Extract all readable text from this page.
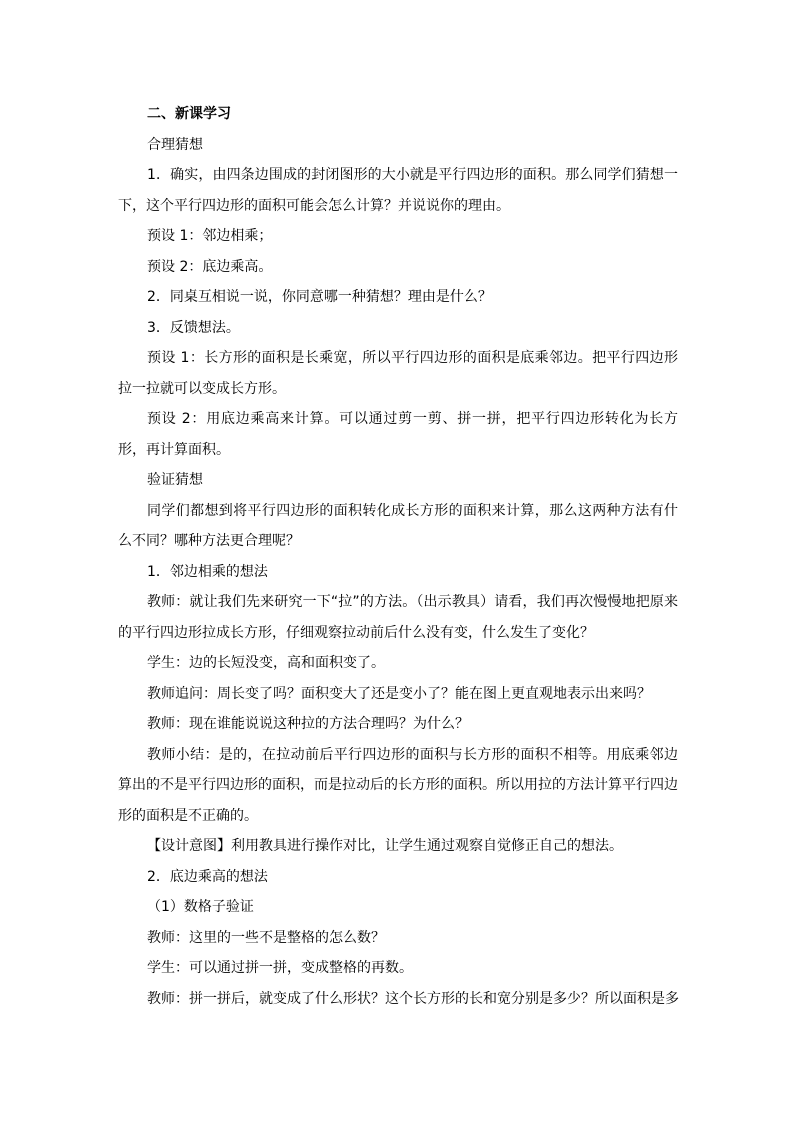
二、新课学习
合理猜想
1．确实，由四条边围成的封闭图形的大小就是平行四边形的面积。那么同学们猜想一下，这个平行四边形的面积可能会怎么计算？并说说你的理由。
预设 1：邻边相乘；
预设 2：底边乘高。
2．同桌互相说一说，你同意哪一种猜想？理由是什么？
3．反馈想法。
预设 1：长方形的面积是长乘宽，所以平行四边形的面积是底乘邻边。把平行四边形拉一拉就可以变成长方形。
预设 2：用底边乘高来计算。可以通过剪一剪、拼一拼，把平行四边形转化为长方形，再计算面积。
验证猜想
同学们都想到将平行四边形的面积转化成长方形的面积来计算，那么这两种方法有什么不同？哪种方法更合理呢？
1．邻边相乘的想法
教师：就让我们先来研究一下“拉”的方法。（出示教具）请看，我们再次慢慢地把原来的平行四边形拉成长方形，仔细观察拉动前后什么没有变，什么发生了变化？
学生：边的长短没变，高和面积变了。
教师追问：周长变了吗？面积变大了还是变小了？能在图上更直观地表示出来吗？
教师：现在谁能说说这种拉的方法合理吗？为什么？
教师小结：是的，在拉动前后平行四边形的面积与长方形的面积不相等。用底乘邻边算出的不是平行四边形的面积，而是拉动后的长方形的面积。所以用拉的方法计算平行四边形的面积是不正确的。
【设计意图】利用教具进行操作对比，让学生通过观察自觉修正自己的想法。
2．底边乘高的想法
（1）数格子验证
教师：这里的一些不是整格的怎么数？
学生：可以通过拼一拼，变成整格的再数。
教师：拼一拼后，就变成了什么形状？这个长方形的长和宽分别是多少？所以面积是多
